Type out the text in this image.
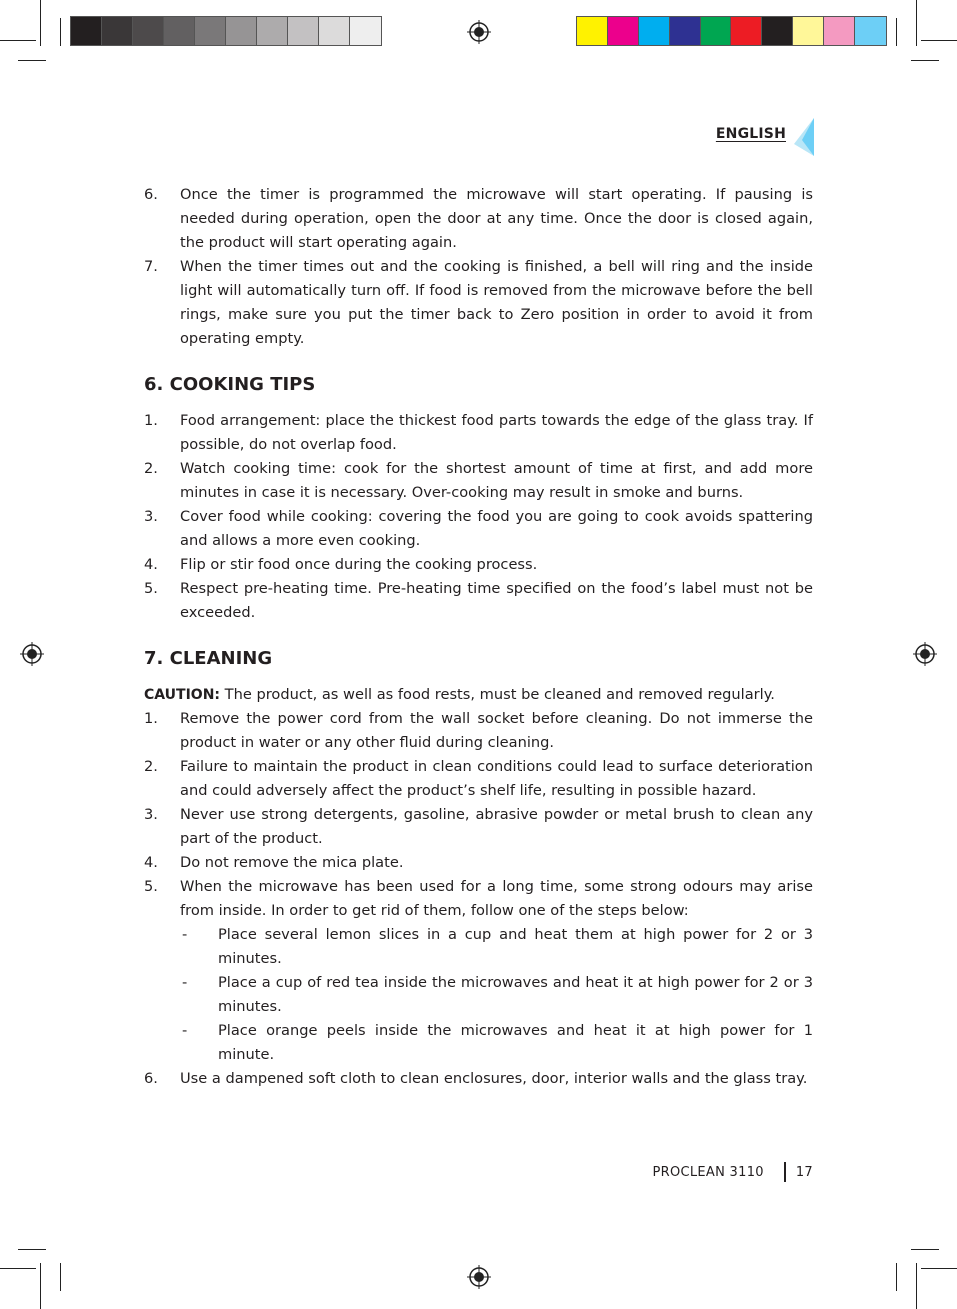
ENGLISH
6.	Once the timer is programmed the microwave will start operating. If pausing is needed during operation, open the door at any time. Once the door is closed again, the product will start operating again.
7.	When the timer times out and the cooking is finished, a bell will ring and the inside light will automatically turn off. If food is removed from the microwave before the bell rings, make sure you put the timer back to Zero position in order to avoid it from operating empty.
6. COOKING TIPS
1.	Food arrangement: place the thickest food parts towards the edge of the glass tray. If possible, do not overlap food.
2.	Watch cooking time: cook for the shortest amount of time at first, and add more minutes in case it is necessary. Over-cooking may result in smoke and burns.
3.	Cover food while cooking: covering the food you are going to cook avoids spattering and allows a more even cooking.
4.	Flip or stir food once during the cooking process.
5.	Respect pre-heating time. Pre-heating time specified on the food’s label must not be exceeded.
7. CLEANING
CAUTION: The product, as well as food rests, must be cleaned and removed regularly.
1.	Remove the power cord from the wall socket before cleaning. Do not immerse the product in water or any other fluid during cleaning.
2.	Failure to maintain the product in clean conditions could lead to surface deterioration and could adversely affect the product’s shelf life, resulting in possible hazard.
3.	Never use strong detergents, gasoline, abrasive powder or metal brush to clean any part of the product.
4.	Do not remove the mica plate.
5.	When the microwave has been used for a long time, some strong odours may arise from inside. In order to get rid of them, follow one of the steps below:
-	Place several lemon slices in a cup and heat them at high power for 2 or 3 minutes.
-	Place a cup of red tea inside the microwaves and heat it at high power for 2 or 3 minutes.
-	Place orange peels inside the microwaves and heat it at high power for 1 minute.
6.	Use a dampened soft cloth to clean enclosures, door, interior walls and the glass tray.
PROCLEAN 3110 17
